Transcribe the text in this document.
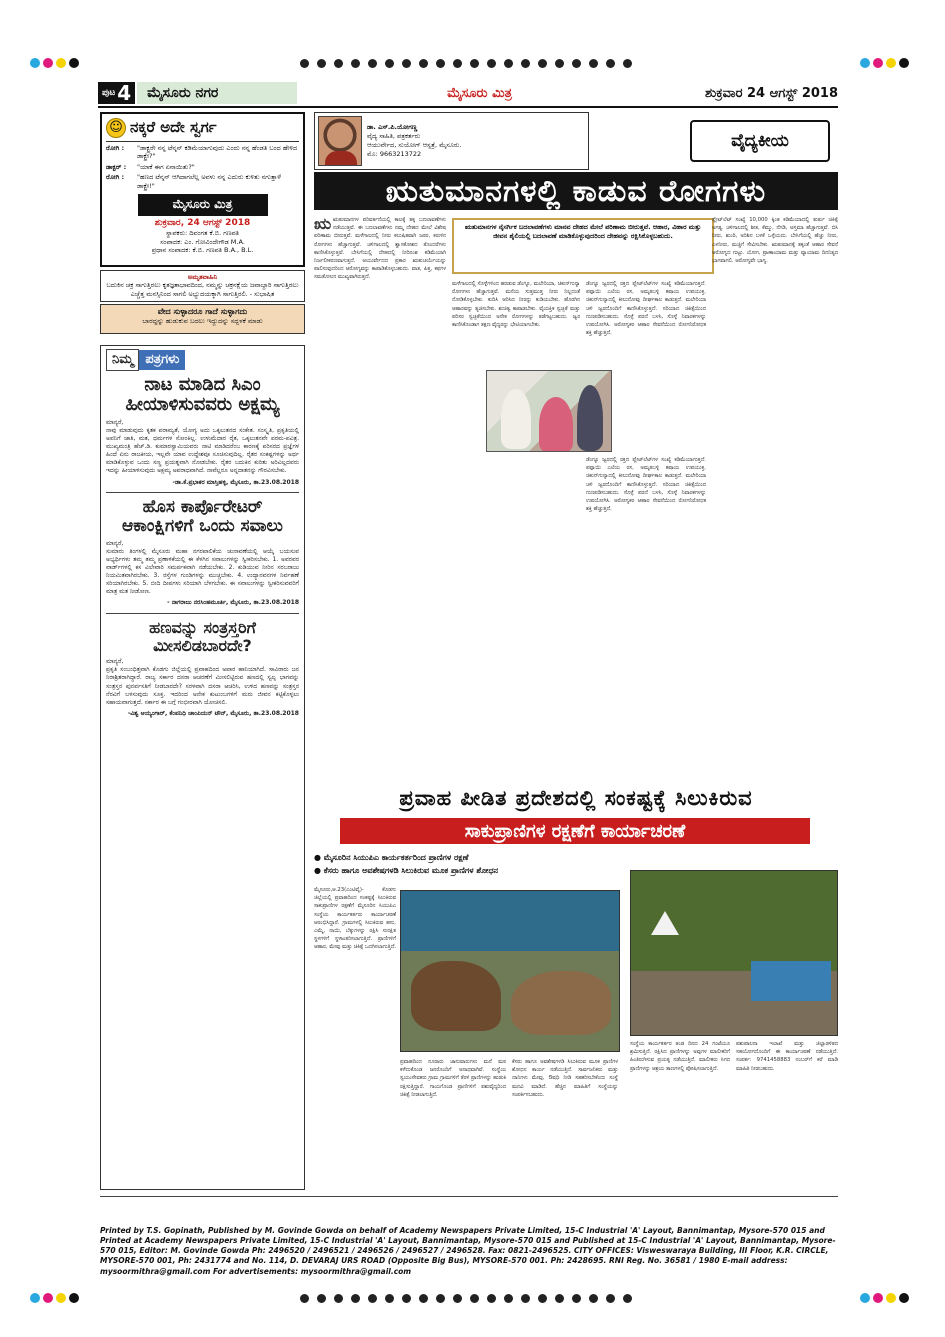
ಪುಟ 4	ಮೈಸೂರು ನಗರ	ಮೈಸೂರು ಮಿತ್ರ	ಶುಕ್ರವಾರ 24 ಆಗಸ್ಟ್ 2018
☺ ನಕ್ಕರೆ ಅದೇ ಸ್ವರ್ಗ
ರೋಗಿ :	"ಡಾಕ್ಟ್ರರೇ ನನ್ನ ಟೆನ್ಶನ್ ಕಡಿಮೆಯಾಗುವುದು ಎಂದು ನನ್ನ ಹೆಂಡತಿ ಬಂದ ಹೇಳಿದ ಡಾಕ್ಟ್ರೇ?"
ಡಾಕ್ಟರ್ :	"ಯಾಕೆ ಈಗ ಏನಾಯಿತು?"
ರೋಗಿ :	"ಹಣದ ಟೆನ್ಶನ್ ಆಗಿದಾಗಲೆಲ್ಲ ಅವಳು ನನ್ನ ಎದುರು ಕುಳಿತು ನಗುತ್ತಾಳೆ ಡಾಕ್ಟ್ರೇ!"
ಮೈಸೂರು ಮಿತ್ರ
ಶುಕ್ರವಾರ, 24 ಆಗಸ್ಟ್ 2018
ಸ್ಥಾಪಕರು: ದಿವಂಗತ ಕೆ.ಬಿ. ಗಣಪತಿ
ಸಂಪಾದಕ: ಎಂ. ಗೋವಿಂದೇಗೌಡ M.A.
ಪ್ರಧಾನ ಸಂಪಾದಕ: ಕೆ.ಬಿ. ಗಣಪತಿ B.A., B.L.
ಅಮೃತವಾಹಿನಿ
ಬದುಕಿನ ಚಕ್ರ ಸಾಗುತ್ತಿರಲು ಕೃತಜ್ಞತಾಭಾವದಿಂದ, ನಮ್ಮನ್ನು ಚಕ್ರನಕ್ಷೆಯ ಜವಾಬ್ದಾರಿ ಸಾಗುತ್ತಿರಲು ಎಚ್ಚೆತ್ತ ಮನಸ್ಸಿನಿಂದ ಸಾಗಲಿ ಅಭ್ಯುದಯಕ್ಕಾಗಿ ಸಾಗುತ್ತಿರಲಿ. - ಸುಭಾಷಿತ
ವೇದ ಸುಳ್ಳಾದರೂ ಗಾದೆ ಸುಳ್ಳಾಗದು
ಬಾರದ್ದನ್ನು ಹುಡುಕುವ ಬದಲು ಇದ್ದುದನ್ನು ಸದ್ಬಳಕೆ ಮಾಡು
ನಿಮ್ಮ ಪತ್ರಗಳು
ನಾಟ ಮಾಡಿದ ಸಿಎಂ ಹೀಯಾಳಿಸುವವರು ಅಕ್ಷಮ್ಯ
ಮಾನ್ಯರೆ,
ನಾವು ಮಾಡುವುದು ಕೃತಕ ಪರಾಮ್ಯತೆ, ಯೋಗ್ಯ ಅದು ಒಕ್ಕಲುತನದ ಸಂಕೇತ. ಸಂಸ್ಕೃತಿ, ಪ್ರಕೃತಿಯಲ್ಲಿ ಅವನಿಗೆ ಜಾತಿ, ಮತ, ಧರ್ಮಗಳ ಸೋಂಕಿಲ್ಲ. ಉಳುಮೆದಾರ ರೈತ, ಒಕ್ಕಲುತನವೇ ಪರಮ-ಪವಿತ್ರ. ಮುಖ್ಯಮಂತ್ರಿ ಹೆಚ್.ಡಿ. ಕುಮಾರಸ್ವಾಮಿಯವರು ನಾಟಿ ಮಾಡಿದರೆಂಬ ಕಾರಣಕ್ಕೆ ಪರಿಸರದ ಪ್ರಜ್ಞೆಗಳ ಹಿಂದೆ ಏನು ರಾಜಕೀಯ, ಇಲ್ಲವೇ ಯಾವ ಉದ್ದೇಶವೂ ಸೂಚಿಸುವುದಿಲ್ಲ. ರೈತರ ಸಂಕಷ್ಟಗಳನ್ನು ಅರ್ಥ ಮಾಡಿಕೊಳ್ಳುವ ಒಂದು ಸಣ್ಣ ಪ್ರಯತ್ನವಾಗಿ ನೋಡಬೇಕು. ರೈತರ ಬದುಕಿನ ಕುರಿತು ಅರಿವಿಲ್ಲದವರು ಇದನ್ನು ಹೀಯಾಳಿಸುವುದು ಅಕ್ಷಮ್ಯ ಅಪರಾಧವಾಗಿದೆ. ನಾವೆಲ್ಲರೂ ಅನ್ನದಾತನನ್ನು ಗೌರವಿಸಬೇಕು.
-ಡಾ.ಕೆ.ಪ್ರಭಾಕರ ಮಾಸ್ತಿಹಳ್ಳಿ, ಮೈಸೂರು, ತಾ.23.08.2018
ಹೊಸ ಕಾರ್ಪೊರೇಟರ್ ಆಕಾಂಕ್ಷಿಗಳಿಗೆ ಒಂದು ಸವಾಲು
ಮಾನ್ಯರೆ,
ಸುಮಾರು ತಿಂಗಳಲ್ಲಿ ಮೈಸೂರು ಮಹಾ ನಗರಪಾಲಿಕೆಯ ಚುನಾವಣೆಯಲ್ಲಿ ಆಯ್ಕೆ ಬಯಸುವ ಅಭ್ಯರ್ಥಿಗಳು ತಮ್ಮ ತಮ್ಮ ಪ್ರಣಾಳಿಕೆಯಲ್ಲಿ ಈ ಕೆಳಗಿನ ಸವಾಲುಗಳನ್ನು ಸ್ವೀಕರಿಸಬೇಕು. 1. ಅವರವರ ವಾರ್ಡ್‌ಗಳಲ್ಲಿ ಕಸ ವಿಲೇವಾರಿ ಸಮರ್ಪಕವಾಗಿ ನಡೆಯಬೇಕು. 2. ಕುಡಿಯುವ ನೀರಿನ ಸರಬರಾಜು ನಿಯಮಿತವಾಗಿರಬೇಕು. 3. ರಸ್ತೆಗಳ ಗುಂಡಿಗಳನ್ನು ಮುಚ್ಚಬೇಕು. 4. ಉದ್ಯಾನವನಗಳ ನಿರ್ವಹಣೆ ಸರಿಯಾಗಿರಬೇಕು. 5. ಬೀದಿ ದೀಪಗಳು ಸರಿಯಾಗಿ ಬೆಳಗಬೇಕು. ಈ ಸವಾಲುಗಳನ್ನು ಸ್ವೀಕರಿಸುವವರಿಗೆ ಮಾತ್ರ ಮತ ನೀಡೋಣ.
- ನಾಗರಾಜು ನರಸಿಂಹಮೂರ್ತಿ, ಮೈಸೂರು, ತಾ.23.08.2018
ಹಣವನ್ನು ಸಂತ್ರಸ್ತರಿಗೆ ಮೀಸಲಿಡಬಾರದೇ?
ಮಾನ್ಯರೆ,
ಪ್ರಕೃತಿ ಸಂಬಂಧಿತ್ತವಾಗಿ ಕೊಡಗು ಜಿಲ್ಲೆಯಲ್ಲಿ ಪ್ರವಾಹದಿಂದ ಅಪಾರ ಹಾನಿಯಾಗಿದೆ. ಸಾವಿರಾರು ಜನ ನಿರಾಶ್ರಿತರಾಗಿದ್ದಾರೆ. ರಾಜ್ಯ ಸರ್ಕಾರ ದಸರಾ ಆಚರಣೆಗೆ ಮೀಸಲಿಟ್ಟಿರುವ ಹಣದಲ್ಲಿ ಸ್ವಲ್ಪ ಭಾಗವನ್ನು ಸಂತ್ರಸ್ತರ ಪುನರ್ವಸತಿಗೆ ನೀಡಬಾರದೇ? ಸರಳವಾಗಿ ದಸರಾ ಆಚರಿಸಿ, ಉಳಿದ ಹಣವನ್ನು ಸಂತ್ರಸ್ತರ ನೆರವಿಗೆ ಬಳಸುವುದು ಸೂಕ್ತ. ಇದರಿಂದ ಅನೇಕ ಕುಟುಂಬಗಳಿಗೆ ಮರು ಜೀವನ ಕಟ್ಟಿಕೊಳ್ಳಲು ಸಹಾಯವಾಗುತ್ತದೆ. ಸರ್ಕಾರ ಈ ಬಗ್ಗೆ ಗಂಭೀರವಾಗಿ ಯೋಚಿಸಲಿ.
-ವಿಶ್ವ ಆಯ್ಯಂಗಾರ್, ಕೆಂಪನಿಧಿ ಚಾಂಪಿಯನ್ ಟೌನ್, ಮೈಸೂರು, ತಾ.23.08.2018
ಡಾ. ಎಸ್.ಪಿ.ಯೋಗಣ್ಣ
ವೈದ್ಯ ಸಾಹಿತಿ, ಪತ್ರಕರ್ತರು
ಆಯುರ್ವೇದ, ಸುಯೋಗ್ ಆಸ್ಪತ್ರೆ, ಮೈಸೂರು.
ಮೊ: 9663213722
ವೈದ್ಯಕೀಯ
ಋತುಮಾನಗಳಲ್ಲಿ ಕಾಡುವ ರೋಗಗಳು
ಋಋತುಮಾನಗಳ ಪರಿವರ್ತನೆಯಲ್ಲಿ ಕಾಲಕ್ಕೆ ತಕ್ಕ ಬದಲಾವಣೆಗಳು ನಡೆಯುತ್ತವೆ. ಈ ಬದಲಾವಣೆಗಳು ನಮ್ಮ ದೇಹದ ಮೇಲೆ ವಿಶೇಷ ಪರಿಣಾಮ ಬೀರುತ್ತವೆ. ಮಳೆಗಾಲದಲ್ಲಿ ನೀರು ಕಲುಷಿತವಾಗಿ ಜಠರ, ಕರುಳಿನ ರೋಗಗಳು ಹೆಚ್ಚಾಗುತ್ತವೆ. ಚಳಿಗಾಲದಲ್ಲಿ ಶ್ವಾಸಕೋಶದ ತೊಂದರೆಗಳು ಕಾಣಿಸಿಕೊಳ್ಳುತ್ತವೆ. ಬೇಸಿಗೆಯಲ್ಲಿ ದೇಹದಲ್ಲಿ ನೀರಿನಂಶ ಕಡಿಮೆಯಾಗಿ ನಿರ್ಜಲೀಕರಣವಾಗುತ್ತದೆ. ಆಯುರ್ವೇದದ ಪ್ರಕಾರ ಋತುಚರ್ಯೆಯನ್ನು ಪಾಲಿಸುವುದರಿಂದ ಆರೋಗ್ಯವನ್ನು ಕಾಪಾಡಿಕೊಳ್ಳಬಹುದು. ವಾತ, ಪಿತ್ತ, ಕಫಗಳ ಸಮತೋಲನ ಮುಖ್ಯವಾಗಿರುತ್ತದೆ.
ಋತುಮಾನಗಳ ನೈಸರ್ಗಿಕ ಬದಲಾವಣೆಗಳು ಮಾನವ ದೇಹದ ಮೇಲೆ ಪರಿಣಾಮ ಬೀರುತ್ತವೆ. ಆಹಾರ, ವಿಹಾರ ಮತ್ತು ಜೀವನ ಶೈಲಿಯಲ್ಲಿ ಬದಲಾವಣೆ ಮಾಡಿಕೊಳ್ಳುವುದರಿಂದ ದೇಹವನ್ನು ರಕ್ಷಿಸಿಕೊಳ್ಳಬಹುದು.
ಮಳೆಗಾಲದಲ್ಲಿ ಸೊಳ್ಳೆಗಳಿಂದ ಹರಡುವ ಡೆಂಗ್ಯೂ, ಮಲೇರಿಯಾ, ಚಿಕುನ್‌ಗುನ್ಯಾ ರೋಗಗಳು ಹೆಚ್ಚಾಗುತ್ತವೆ. ಮನೆಯ ಸುತ್ತಮುತ್ತ ನೀರು ನಿಲ್ಲದಂತೆ ನೋಡಿಕೊಳ್ಳಬೇಕು. ಕುದಿಸಿ ಆರಿಸಿದ ನೀರನ್ನು ಕುಡಿಯಬೇಕು. ಹೊರಗಿನ ಆಹಾರವನ್ನು ತ್ಯಜಿಸಬೇಕು. ಶುಚಿತ್ವ ಕಾಪಾಡಬೇಕು. ವೈಯಕ್ತಿಕ ಸ್ವಚ್ಛತೆ ಮತ್ತು ಪರಿಸರ ಸ್ವಚ್ಛತೆಯಿಂದ ಅನೇಕ ರೋಗಗಳನ್ನು ತಡೆಗಟ್ಟಬಹುದು. ಜ್ವರ ಕಾಣಿಸಿಕೊಂಡಾಗ ತಕ್ಷಣ ವೈದ್ಯರನ್ನು ಭೇಟಿಯಾಗಬೇಕು.
ಡೆಂಗ್ಯೂ ಜ್ವರದಲ್ಲಿ ರಕ್ತದ ಪ್ಲೇಟ್‌ಲೆಟ್‌ಗಳ ಸಂಖ್ಯೆ ಕಡಿಮೆಯಾಗುತ್ತದೆ. ಪಪ್ಪಾಯಿ ಎಲೆಯ ರಸ, ಅಮೃತಬಳ್ಳಿ ಕಷಾಯ ಉಪಯುಕ್ತ. ಚಿಕುನ್‌ಗುನ್ಯಾದಲ್ಲಿ ಕೀಲುನೋವು ದೀರ್ಘಕಾಲ ಕಾಡುತ್ತದೆ. ಮಲೇರಿಯಾ ಚಳಿ ಜ್ವರದೊಂದಿಗೆ ಕಾಣಿಸಿಕೊಳ್ಳುತ್ತದೆ. ಸರಿಯಾದ ಚಿಕಿತ್ಸೆಯಿಂದ ಗುಣಪಡಿಸಬಹುದು. ಸೊಳ್ಳೆ ಪರದೆ ಬಳಸಿ, ಸೊಳ್ಳೆ ನಿವಾರಕಗಳನ್ನು ಉಪಯೋಗಿಸಿ. ಆರೋಗ್ಯಕರ ಆಹಾರ ಸೇವನೆಯಿಂದ ರೋಗನಿರೋಧಕ ಶಕ್ತಿ ಹೆಚ್ಚುತ್ತದೆ.
ಡೆಂಗ್ಯೂ ಜ್ವರದಲ್ಲಿ ರಕ್ತದ ಪ್ಲೇಟ್‌ಲೆಟ್‌ಗಳ ಸಂಖ್ಯೆ ಕಡಿಮೆಯಾಗುತ್ತದೆ. ಪಪ್ಪಾಯಿ ಎಲೆಯ ರಸ, ಅಮೃತಬಳ್ಳಿ ಕಷಾಯ ಉಪಯುಕ್ತ. ಚಿಕುನ್‌ಗುನ್ಯಾದಲ್ಲಿ ಕೀಲುನೋವು ದೀರ್ಘಕಾಲ ಕಾಡುತ್ತದೆ. ಮಲೇರಿಯಾ ಚಳಿ ಜ್ವರದೊಂದಿಗೆ ಕಾಣಿಸಿಕೊಳ್ಳುತ್ತದೆ. ಸರಿಯಾದ ಚಿಕಿತ್ಸೆಯಿಂದ ಗುಣಪಡಿಸಬಹುದು. ಸೊಳ್ಳೆ ಪರದೆ ಬಳಸಿ, ಸೊಳ್ಳೆ ನಿವಾರಕಗಳನ್ನು ಉಪಯೋಗಿಸಿ. ಆರೋಗ್ಯಕರ ಆಹಾರ ಸೇವನೆಯಿಂದ ರೋಗನಿರೋಧಕ ಶಕ್ತಿ ಹೆಚ್ಚುತ್ತದೆ.
ಫ್ಲೇಟ್‌ಲೆಟ್ ಸಂಖ್ಯೆ 10,000 ಕ್ಕಿಂತ ಕಡಿಮೆಯಾದಲ್ಲಿ ತುರ್ತು ಚಿಕಿತ್ಸೆ ಅಗತ್ಯ. ಚಳಿಗಾಲದಲ್ಲಿ ಶೀತ, ಕೆಮ್ಮು, ನೆಗಡಿ, ಅಸ್ತಮಾ ಹೆಚ್ಚಾಗುತ್ತವೆ. ಬಿಸಿ ನೀರು, ಶುಂಠಿ, ಅರಿಶಿನ ಬಳಕೆ ಒಳ್ಳೆಯದು. ಬೇಸಿಗೆಯಲ್ಲಿ ಹೆಚ್ಚು ನೀರು, ಎಳನೀರು, ಮಜ್ಜಿಗೆ ಸೇವಿಸಬೇಕು. ಋತುಮಾನಕ್ಕೆ ತಕ್ಕಂತೆ ಆಹಾರ ಸೇವನೆ ಆರೋಗ್ಯದ ಗುಟ್ಟು. ಯೋಗ, ಪ್ರಾಣಾಯಾಮ ಮತ್ತು ವ್ಯಾಯಾಮ ದಿನನಿತ್ಯದ ಭಾಗವಾಗಲಿ. ಆರೋಗ್ಯವೇ ಭಾಗ್ಯ.
ಪ್ರವಾಹ ಪೀಡಿತ ಪ್ರದೇಶದಲ್ಲಿ ಸಂಕಷ್ಟಕ್ಕೆ ಸಿಲುಕಿರುವ
ಸಾಕುಪ್ರಾಣಿಗಳ ರಕ್ಷಣೆಗೆ ಕಾರ್ಯಾಚರಣೆ
● ಮೈಸೂರಿನ ಸಿಯುಪಿಎ ಕಾರ್ಯಕರ್ತರಿಂದ ಪ್ರಾಣಿಗಳ ರಕ್ಷಣೆ
● ಕೆಸರು ಹಾಗೂ ಅವಶೇಷಗಳಡಿ ಸಿಲುಕಿರುವ ಮೂಕ ಪ್ರಾಣಿಗಳ ಶೋಧನ
ಮೈಸೂರು,ಆ.23(ಎಂಟಿವೈ)- ಕೊಡಗು ಜಿಲ್ಲೆಯಲ್ಲಿ ಪ್ರವಾಹದಿಂದ ಸಂಕಷ್ಟಕ್ಕೆ ಸಿಲುಕಿರುವ ಸಾಕುಪ್ರಾಣಿಗಳ ರಕ್ಷಣೆಗೆ ಮೈಸೂರಿನ ಸಿಯುಪಿಎ ಸಂಸ್ಥೆಯ ಕಾರ್ಯಕರ್ತರು ಕಾರ್ಯಾಚರಣೆ ಆರಂಭಿಸಿದ್ದಾರೆ. ಗ್ರಾಮಗಳಲ್ಲಿ ಸಿಲುಕಿರುವ ಹಸು, ಎಮ್ಮೆ, ನಾಯಿ, ಬೆಕ್ಕುಗಳನ್ನು ರಕ್ಷಿಸಿ ಸುರಕ್ಷಿತ ಸ್ಥಳಗಳಿಗೆ ಸ್ಥಳಾಂತರಿಸಲಾಗುತ್ತಿದೆ. ಪ್ರಾಣಿಗಳಿಗೆ ಆಹಾರ, ಮೇವು ಮತ್ತು ಚಿಕಿತ್ಸೆ ಒದಗಿಸಲಾಗುತ್ತಿದೆ.
ಪ್ರವಾಹದಿಂದ ನೂರಾರು ಜಾನುವಾರುಗಳು ಮನೆ ಮಠ ಕಳೆದುಕೊಂಡ ಜನರೊಂದಿಗೆ ಅನಾಥವಾಗಿವೆ. ಸಂಸ್ಥೆಯ ಸ್ವಯಂಸೇವಕರು ಗ್ರಾಮ ಗ್ರಾಮಗಳಿಗೆ ತೆರಳಿ ಪ್ರಾಣಿಗಳನ್ನು ಹುಡುಕಿ ರಕ್ಷಿಸುತ್ತಿದ್ದಾರೆ. ಗಾಯಗೊಂಡ ಪ್ರಾಣಿಗಳಿಗೆ ಪಶುವೈದ್ಯರಿಂದ ಚಿಕಿತ್ಸೆ ನೀಡಲಾಗುತ್ತಿದೆ.
ಕೆಸರು ಹಾಗೂ ಅವಶೇಷಗಳಡಿ ಸಿಲುಕಿರುವ ಮೂಕ ಪ್ರಾಣಿಗಳ ಶೋಧನ ಕಾರ್ಯ ನಡೆಯುತ್ತಿದೆ. ಸಾರ್ವಜನಿಕರು ಮತ್ತು ದಾನಿಗಳು ಮೇವು, ಔಷಧಿ ನೀಡಿ ಸಹಕರಿಸಬೇಕೆಂದು ಸಂಸ್ಥೆ ಮನವಿ ಮಾಡಿದೆ. ಹೆಚ್ಚಿನ ಮಾಹಿತಿಗೆ ಸಂಸ್ಥೆಯನ್ನು ಸಂಪರ್ಕಿಸಬಹುದು.
ಸಂಸ್ಥೆಯ ಕಾರ್ಯಕರ್ತರ ತಂಡ ದಿನದ 24 ಗಂಟೆಯೂ ಶ್ರಮಿಸುತ್ತಿದೆ. ರಕ್ಷಿಸಿದ ಪ್ರಾಣಿಗಳನ್ನು ಅವುಗಳ ಮಾಲೀಕರಿಗೆ ಹಿಂತಿರುಗಿಸುವ ಪ್ರಯತ್ನ ನಡೆಯುತ್ತಿದೆ. ಮಾಲೀಕರು ಸಿಗದ ಪ್ರಾಣಿಗಳನ್ನು ಆಶ್ರಯ ತಾಣಗಳಲ್ಲಿ ಪೋಷಿಸಲಾಗುತ್ತಿದೆ.
ಪಶುಪಾಲನಾ ಇಲಾಖೆ ಮತ್ತು ಜಿಲ್ಲಾಡಳಿತದ ಸಹಯೋಗದೊಂದಿಗೆ ಈ ಕಾರ್ಯಾಚರಣೆ ನಡೆಯುತ್ತಿದೆ. ಸಂಪರ್ಕ: 9741458883 ನಂಬರ್‌ಗೆ ಕರೆ ಮಾಡಿ ಮಾಹಿತಿ ನೀಡಬಹುದು.
Printed by T.S. Gopinath, Published by M. Govinde Gowda on behalf of Academy Newspapers Private Limited, 15-C Industrial 'A' Layout, Bannimantap, Mysore-570 015 and Printed at Academy Newspapers Private Limited, 15-C Industrial 'A' Layout, Bannimantap, Mysore-570 015 and Published at 15-C Industrial 'A' Layout, Bannimantap, Mysore-570 015, Editor: M. Govinde Gowda Ph: 2496520 / 2496521 / 2496526 / 2496527 / 2496528. Fax: 0821-2496525. CITY OFFICES: Visweswaraya Building, III Floor, K.R. CIRCLE, MYSORE-570 001, Ph: 2431774 and No. 114, D. DEVARAJ URS ROAD (Opposite Big Bus), MYSORE-570 001. Ph: 2428695. RNI Reg. No. 36581 / 1980 E-mail address: mysoormithra@gmail.com For advertisements: mysoormithra@gmail.com
